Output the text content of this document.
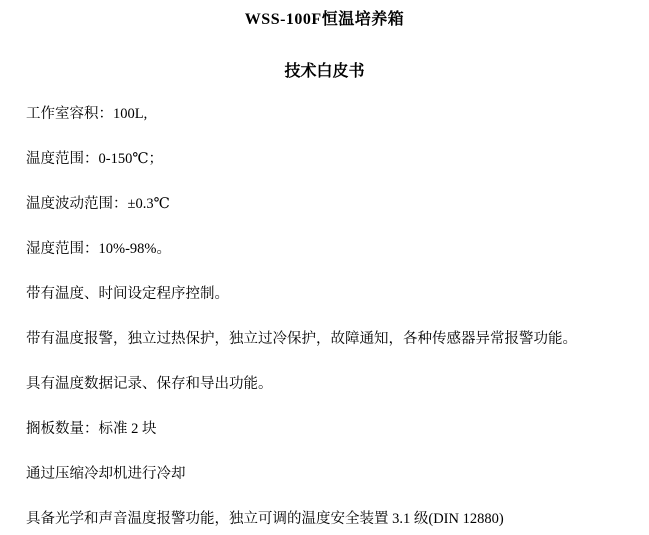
WSS-100F恒温培养箱
技术白皮书

工作室容积：100L,

温度范围：0-150℃；

温度波动范围：±0.3℃

湿度范围：10%-98%。

带有温度、时间设定程序控制。

带有温度报警，独立过热保护，独立过冷保护，故障通知，各种传感器异常报警功能。

具有温度数据记录、保存和导出功能。

搁板数量：标准 2 块

通过压缩冷却机进行冷却

具备光学和声音温度报警功能，独立可调的温度安全装置 3.1 级(DIN 12880)
